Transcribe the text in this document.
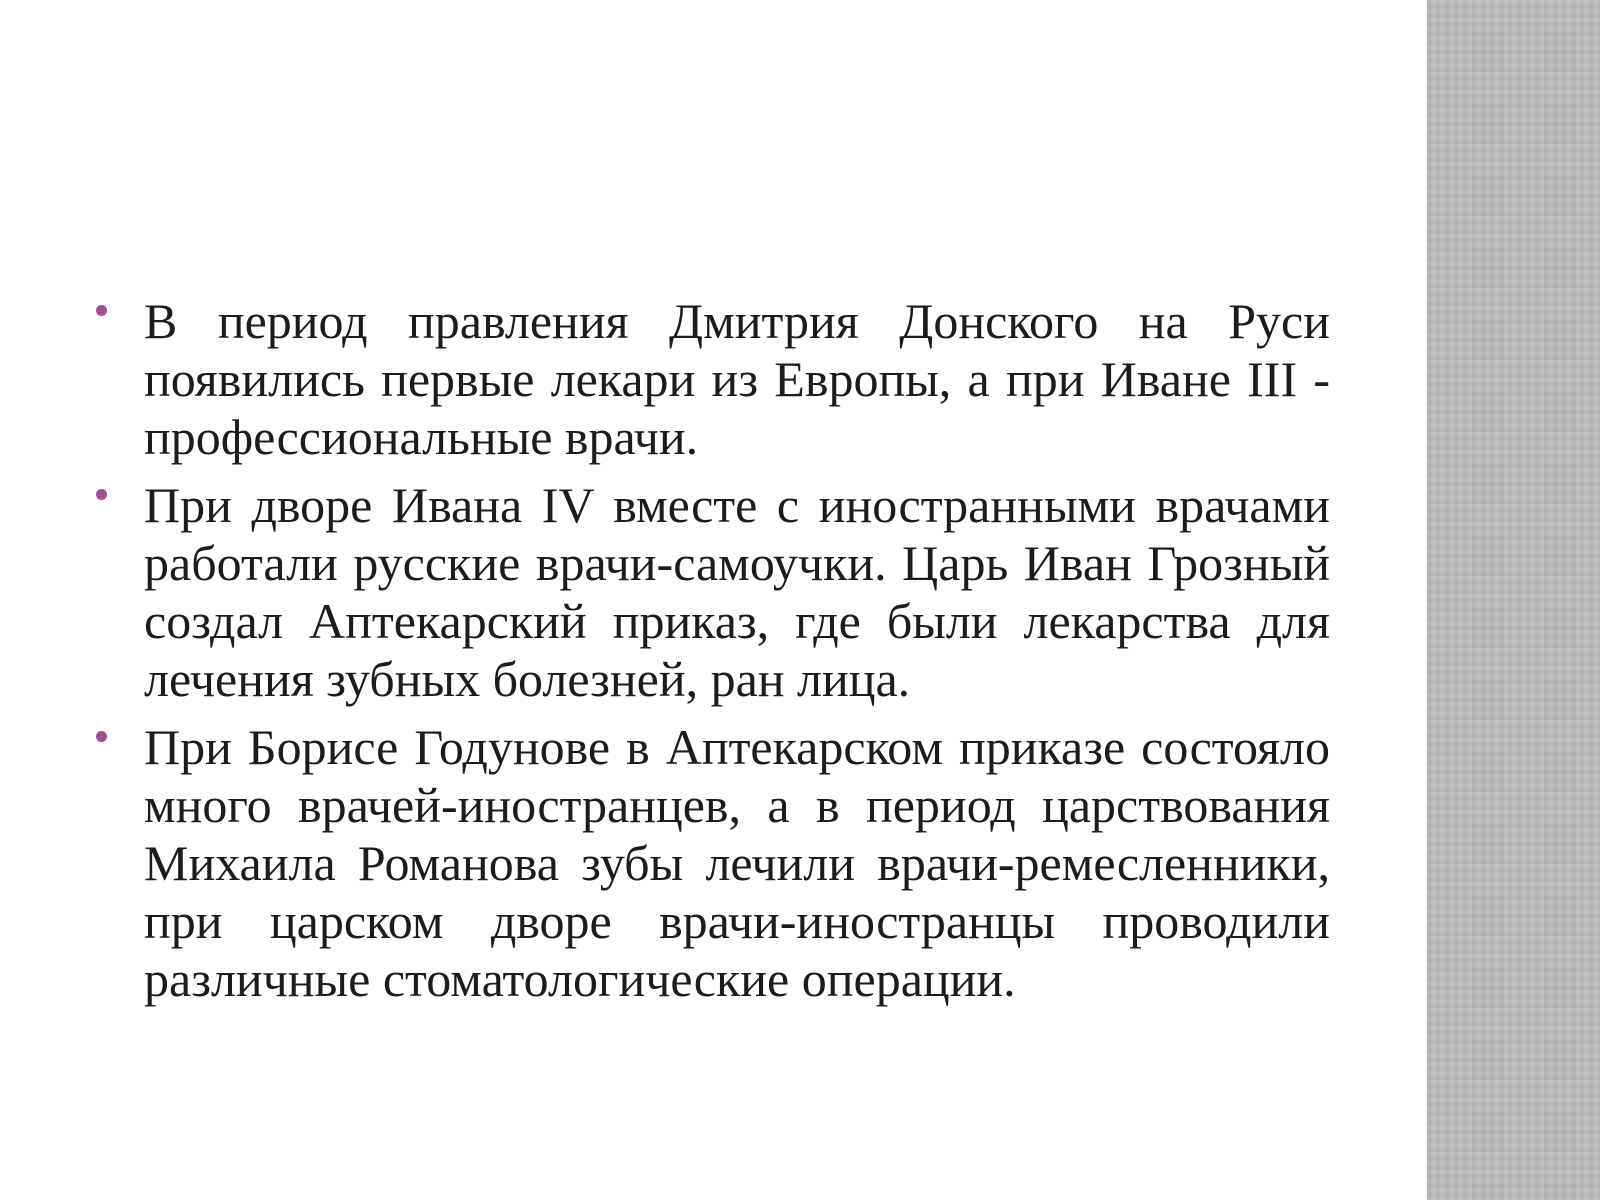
В период правления Дмитрия Донского на Руси появились первые лекари из Европы, а при Иване III - профессиональные врачи.
При дворе Ивана IV вместе с иностранными врачами работали русские врачи-самоучки. Царь Иван Грозный создал Аптекарский приказ, где были лекарства для лечения зубных болезней, ран лица.
При Борисе Годунове в Аптекарском приказе состояло много врачей-иностранцев, а в период царствования Михаила Романова зубы лечили врачи-ремесленники, при царском дворе врачи-иностранцы проводили различные стоматологические операции.
